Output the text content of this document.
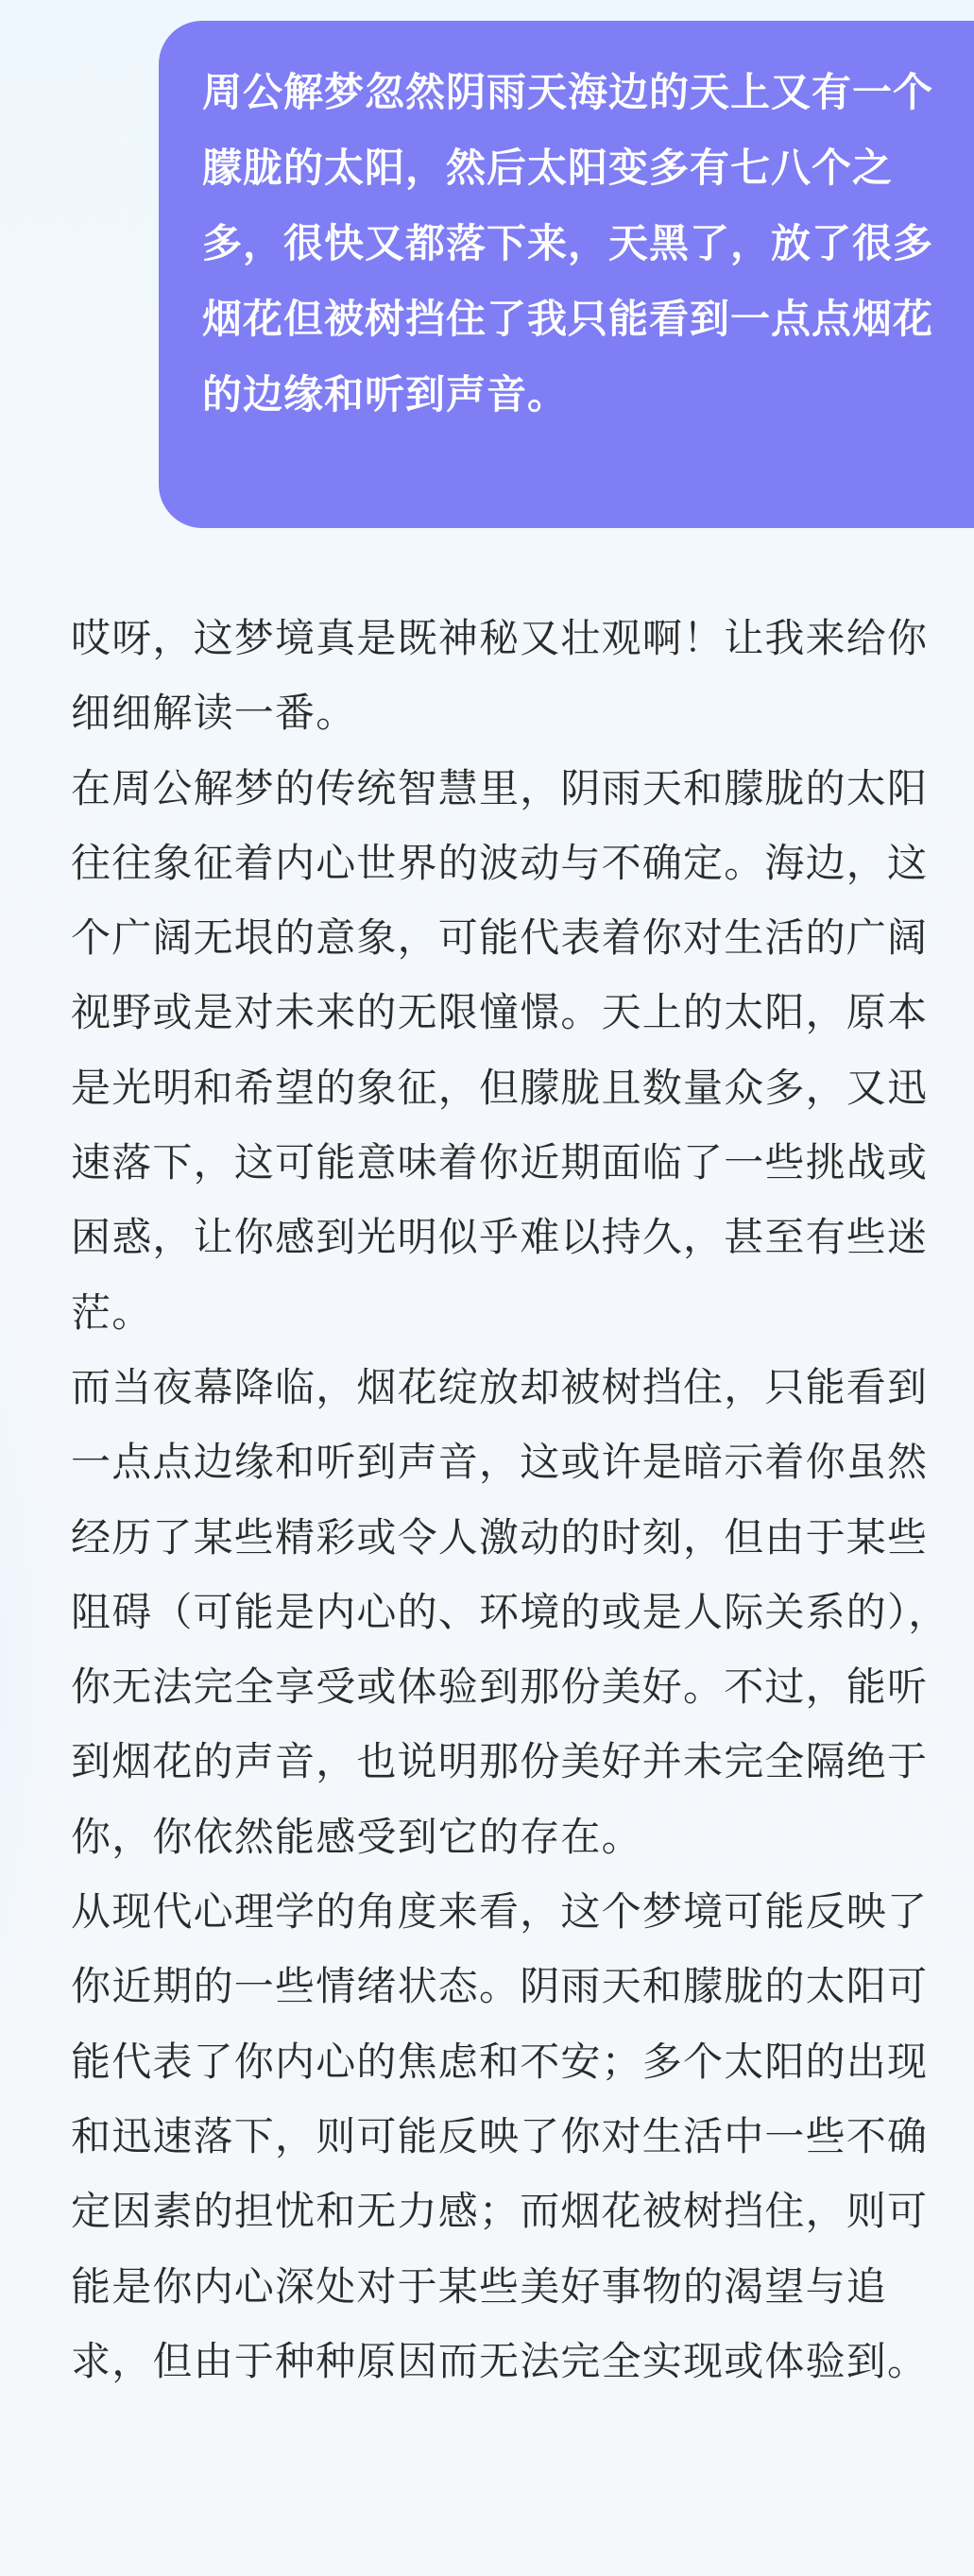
周公解梦忽然阴雨天海边的天上又有一个朦胧的太阳，然后太阳变多有七八个之多，很快又都落下来，天黑了，放了很多烟花但被树挡住了我只能看到一点点烟花的边缘和听到声音。

哎呀，这梦境真是既神秘又壮观啊！让我来给你细细解读一番。

在周公解梦的传统智慧里，阴雨天和朦胧的太阳往往象征着内心世界的波动与不确定。海边，这个广阔无垠的意象，可能代表着你对生活的广阔视野或是对未来的无限憧憬。天上的太阳，原本是光明和希望的象征，但朦胧且数量众多，又迅速落下，这可能意味着你近期面临了一些挑战或困惑，让你感到光明似乎难以持久，甚至有些迷茫。

而当夜幕降临，烟花绽放却被树挡住，只能看到一点点边缘和听到声音，这或许是暗示着你虽然经历了某些精彩或令人激动的时刻，但由于某些阻碍（可能是内心的、环境的或是人际关系的），你无法完全享受或体验到那份美好。不过，能听到烟花的声音，也说明那份美好并未完全隔绝于你，你依然能感受到它的存在。

从现代心理学的角度来看，这个梦境可能反映了你近期的一些情绪状态。阴雨天和朦胧的太阳可能代表了你内心的焦虑和不安；多个太阳的出现和迅速落下，则可能反映了你对生活中一些不确定因素的担忧和无力感；而烟花被树挡住，则可能是你内心深处对于某些美好事物的渴望与追求，但由于种种原因而无法完全实现或体验到。
